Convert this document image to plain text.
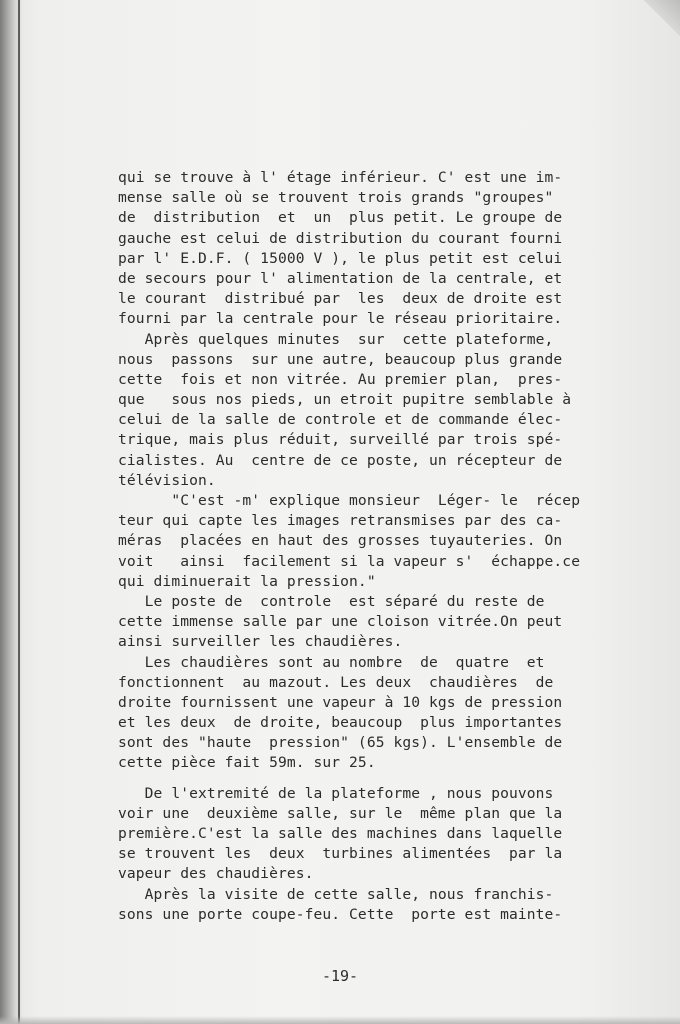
qui se trouve à l' étage inférieur. C' est une im-
mense salle où se trouvent trois grands "groupes"
de  distribution  et  un  plus petit. Le groupe de
gauche est celui de distribution du courant fourni
par l' E.D.F. ( 15000 V ), le plus petit est celui
de secours pour l' alimentation de la centrale, et
le courant  distribué par  les  deux de droite est
fourni par la centrale pour le réseau prioritaire.
Après quelques minutes  sur  cette plateforme,
nous  passons  sur une autre, beaucoup plus grande
cette  fois et non vitrée. Au premier plan,  pres-
que   sous nos pieds, un etroit pupitre semblable à
celui de la salle de controle et de commande élec-
trique, mais plus réduit, surveillé par trois spé-
cialistes. Au  centre de ce poste, un récepteur de
télévision.
"C'est -m' explique monsieur  Léger- le  récep
teur qui capte les images retransmises par des ca-
méras  placées en haut des grosses tuyauteries. On
voit   ainsi  facilement si la vapeur s'  échappe.ce
qui diminuerait la pression."
Le poste de  controle  est séparé du reste de
cette immense salle par une cloison vitrée.On peut
ainsi surveiller les chaudières.
Les chaudières sont au nombre  de  quatre  et
fonctionnent  au mazout. Les deux  chaudières  de
droite fournissent une vapeur à 10 kgs de pression
et les deux  de droite, beaucoup  plus importantes
sont des "haute  pression" (65 kgs). L'ensemble de
cette pièce fait 59m. sur 25.
De l'extremité de la plateforme , nous pouvons
voir une  deuxième salle, sur le  même plan que la
première.C'est la salle des machines dans laquelle
se trouvent les  deux  turbines alimentées  par la
vapeur des chaudières.
Après la visite de cette salle, nous franchis-
sons une porte coupe-feu. Cette  porte est mainte-
-19-
